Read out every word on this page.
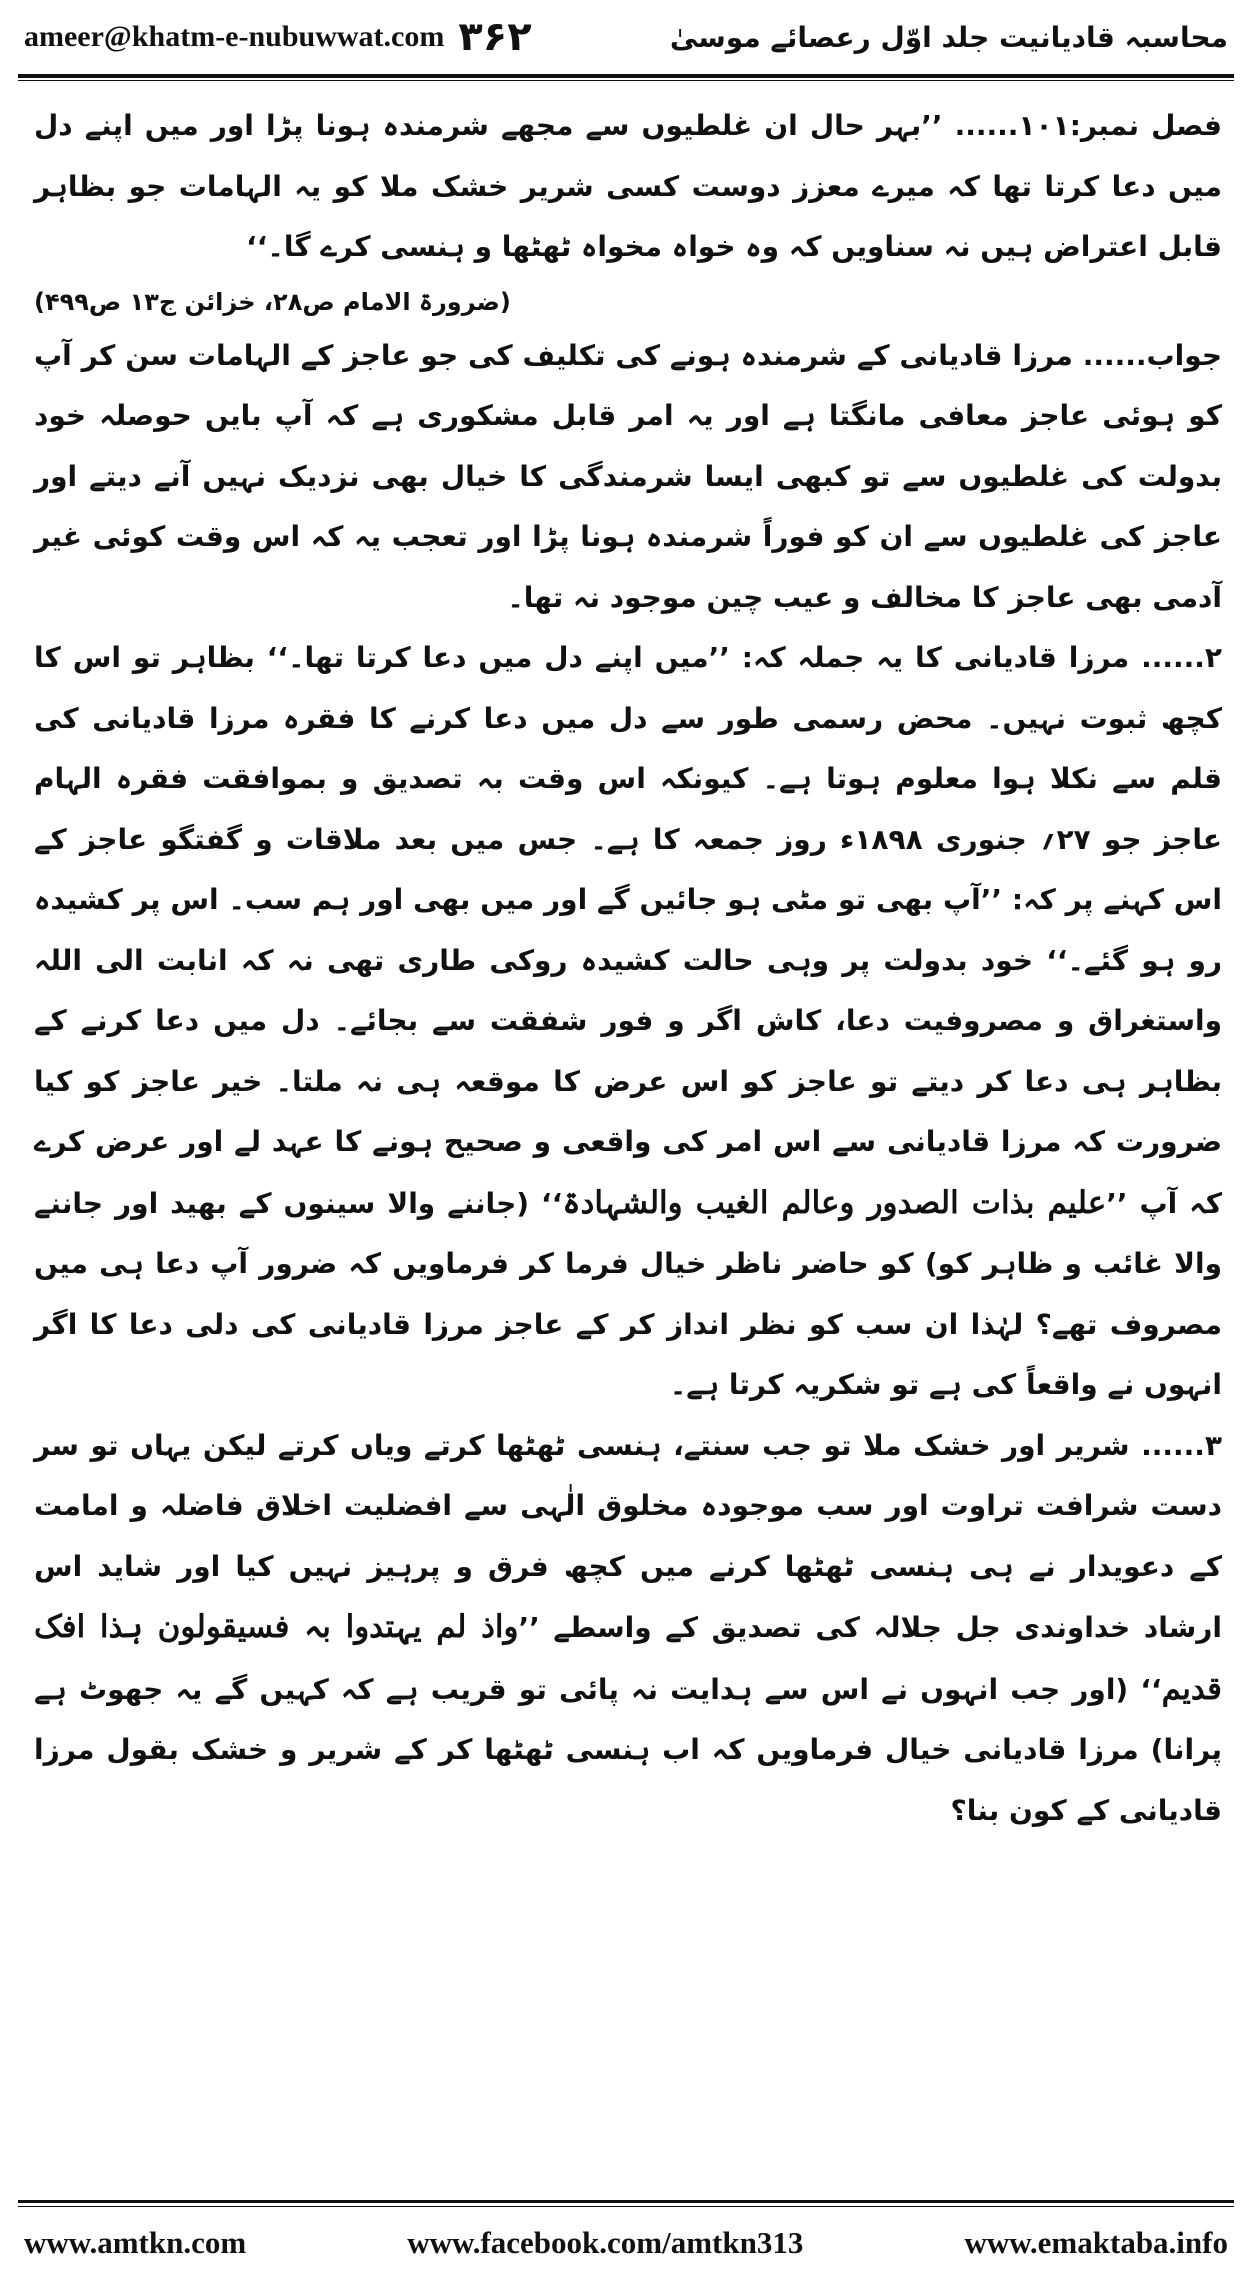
ameer@khatm-e-nubuwwat.com ۳۶۲	محاسبہ قادیانیت جلد اوّل رعصائے موسیٰ

فصل نمبر:۱۰۱...... ’’بہر حال ان غلطیوں سے مجھے شرمندہ ہونا پڑا اور میں اپنے دل میں دعا کرتا تھا کہ میرے معزز دوست کسی شریر خشک ملا کو یہ الہامات جو بظاہر قابل اعتراض ہیں نہ سناویں کہ وہ خواہ مخواہ ٹھٹھا و ہنسی کرے گا۔‘‘
(ضرورۃ الامام ص۲۸، خزائن ج۱۳ ص۴۹۹)

جواب...... مرزا قادیانی کے شرمندہ ہونے کی تکلیف کی جو عاجز کے الہامات سن کر آپ کو ہوئی عاجز معافی مانگتا ہے اور یہ امر قابل مشکوری ہے کہ آپ بایں حوصلہ خود بدولت کی غلطیوں سے تو کبھی ایسا شرمندگی کا خیال بھی نزدیک نہیں آنے دیتے اور عاجز کی غلطیوں سے ان کو فوراً شرمندہ ہونا پڑا اور تعجب یہ کہ اس وقت کوئی غیر آدمی بھی عاجز کا مخالف و عیب چین موجود نہ تھا۔

۲...... مرزا قادیانی کا یہ جملہ کہ: ’’میں اپنے دل میں دعا کرتا تھا۔‘‘ بظاہر تو اس کا کچھ ثبوت نہیں۔ محض رسمی طور سے دل میں دعا کرنے کا فقرہ مرزا قادیانی کی قلم سے نکلا ہوا معلوم ہوتا ہے۔ کیونکہ اس وقت بہ تصدیق و بموافقت فقرہ الہام عاجز جو ۲۷؍ جنوری ۱۸۹۸ء روز جمعہ کا ہے۔ جس میں بعد ملاقات و گفتگو عاجز کے اس کہنے پر کہ: ’’آپ بھی تو مٹی ہو جائیں گے اور میں بھی اور ہم سب۔ اس پر کشیدہ رو ہو گئے۔‘‘ خود بدولت پر وہی حالت کشیدہ روکی طاری تھی نہ کہ انابت الی اللہ واستغراق و مصروفیت دعا، کاش اگر و فور شفقت سے بجائے۔ دل میں دعا کرنے کے بظاہر ہی دعا کر دیتے تو عاجز کو اس عرض کا موقعہ ہی نہ ملتا۔ خیر عاجز کو کیا ضرورت کہ مرزا قادیانی سے اس امر کی واقعی و صحیح ہونے کا عہد لے اور عرض کرے کہ آپ ’’علیم بذات الصدور وعالم الغیب والشہادۃ‘‘ (جاننے والا سینوں کے بھید اور جاننے والا غائب و ظاہر کو) کو حاضر ناظر خیال فرما کر فرماویں کہ ضرور آپ دعا ہی میں مصروف تھے؟ لہٰذا ان سب کو نظر انداز کر کے عاجز مرزا قادیانی کی دلی دعا کا اگر انہوں نے واقعاً کی ہے تو شکریہ کرتا ہے۔

۳...... شریر اور خشک ملا تو جب سنتے، ہنسی ٹھٹھا کرتے ویاں کرتے لیکن یہاں تو سر دست شرافت تراوت اور سب موجودہ مخلوق الٰہی سے افضلیت اخلاق فاضلہ و امامت کے دعویدار نے ہی ہنسی ٹھٹھا کرنے میں کچھ فرق و پرہیز نہیں کیا اور شاید اس ارشاد خداوندی جل جلالہ کی تصدیق کے واسطے ’’واذ لم یہتدوا بہ فسیقولون ہذا افک قدیم‘‘ (اور جب انہوں نے اس سے ہدایت نہ پائی تو قریب ہے کہ کہیں گے یہ جھوٹ ہے پرانا) مرزا قادیانی خیال فرماویں کہ اب ہنسی ٹھٹھا کر کے شریر و خشک بقول مرزا قادیانی کے کون بنا؟

www.amtkn.com	www.facebook.com/amtkn313	www.emaktaba.info
